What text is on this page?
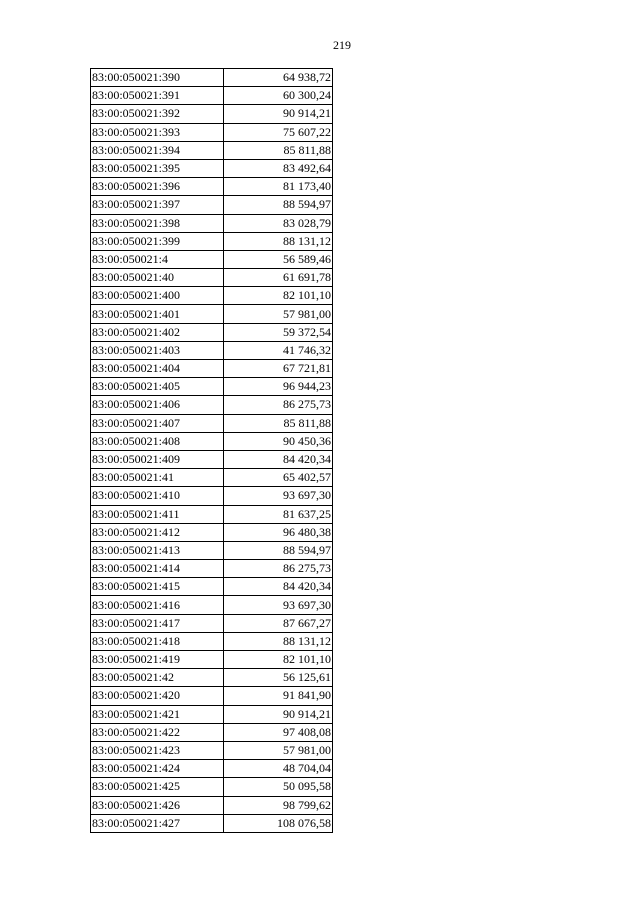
219
83:00:050021:390	64 938,72
83:00:050021:391	60 300,24
83:00:050021:392	90 914,21
83:00:050021:393	75 607,22
83:00:050021:394	85 811,88
83:00:050021:395	83 492,64
83:00:050021:396	81 173,40
83:00:050021:397	88 594,97
83:00:050021:398	83 028,79
83:00:050021:399	88 131,12
83:00:050021:4	56 589,46
83:00:050021:40	61 691,78
83:00:050021:400	82 101,10
83:00:050021:401	57 981,00
83:00:050021:402	59 372,54
83:00:050021:403	41 746,32
83:00:050021:404	67 721,81
83:00:050021:405	96 944,23
83:00:050021:406	86 275,73
83:00:050021:407	85 811,88
83:00:050021:408	90 450,36
83:00:050021:409	84 420,34
83:00:050021:41	65 402,57
83:00:050021:410	93 697,30
83:00:050021:411	81 637,25
83:00:050021:412	96 480,38
83:00:050021:413	88 594,97
83:00:050021:414	86 275,73
83:00:050021:415	84 420,34
83:00:050021:416	93 697,30
83:00:050021:417	87 667,27
83:00:050021:418	88 131,12
83:00:050021:419	82 101,10
83:00:050021:42	56 125,61
83:00:050021:420	91 841,90
83:00:050021:421	90 914,21
83:00:050021:422	97 408,08
83:00:050021:423	57 981,00
83:00:050021:424	48 704,04
83:00:050021:425	50 095,58
83:00:050021:426	98 799,62
83:00:050021:427	108 076,58
